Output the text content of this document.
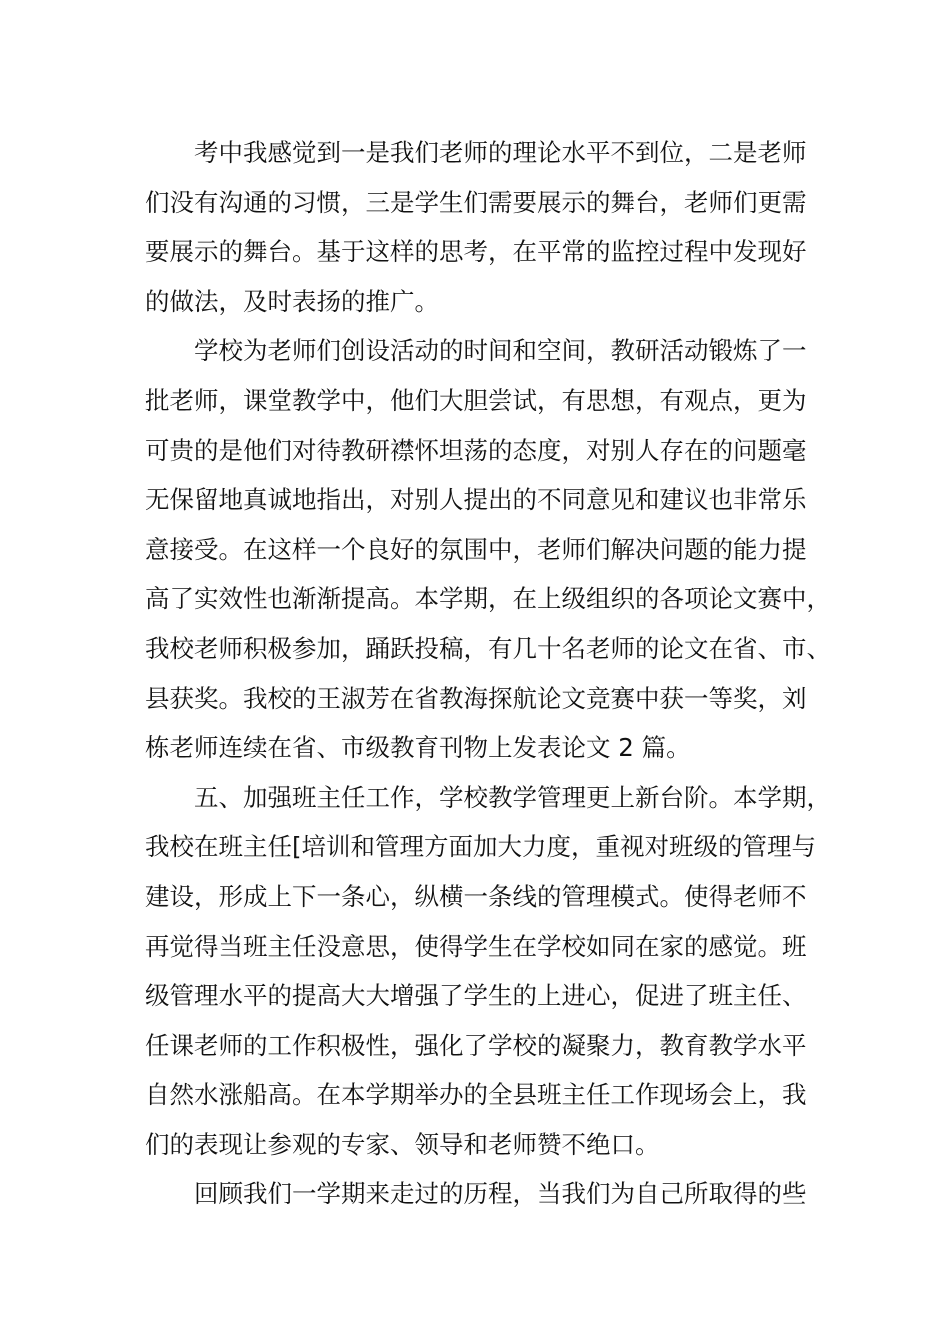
考中我感觉到一是我们老师的理论水平不到位，二是老师
们没有沟通的习惯，三是学生们需要展示的舞台，老师们更需
要展示的舞台。基于这样的思考，在平常的监控过程中发现好
的做法，及时表扬的推广。
学校为老师们创设活动的时间和空间，教研活动锻炼了一
批老师，课堂教学中，他们大胆尝试，有思想，有观点，更为
可贵的是他们对待教研襟怀坦荡的态度，对别人存在的问题毫
无保留地真诚地指出，对别人提出的不同意见和建议也非常乐
意接受。在这样一个良好的氛围中，老师们解决问题的能力提
高了实效性也渐渐提高。本学期，在上级组织的各项论文赛中，
我校老师积极参加，踊跃投稿，有几十名老师的论文在省、市、
县获奖。我校的王淑芳在省教海探航论文竞赛中获一等奖，刘
栋老师连续在省、市级教育刊物上发表论文 2 篇。
五、加强班主任工作，学校教学管理更上新台阶。本学期，
我校在班主任[培训和管理方面加大力度，重视对班级的管理与
建设，形成上下一条心，纵横一条线的管理模式。使得老师不
再觉得当班主任没意思，使得学生在学校如同在家的感觉。班
级管理水平的提高大大增强了学生的上进心，促进了班主任、
任课老师的工作积极性，强化了学校的凝聚力，教育教学水平
自然水涨船高。在本学期举办的全县班主任工作现场会上，我
们的表现让参观的专家、领导和老师赞不绝口。
回顾我们一学期来走过的历程，当我们为自己所取得的些
